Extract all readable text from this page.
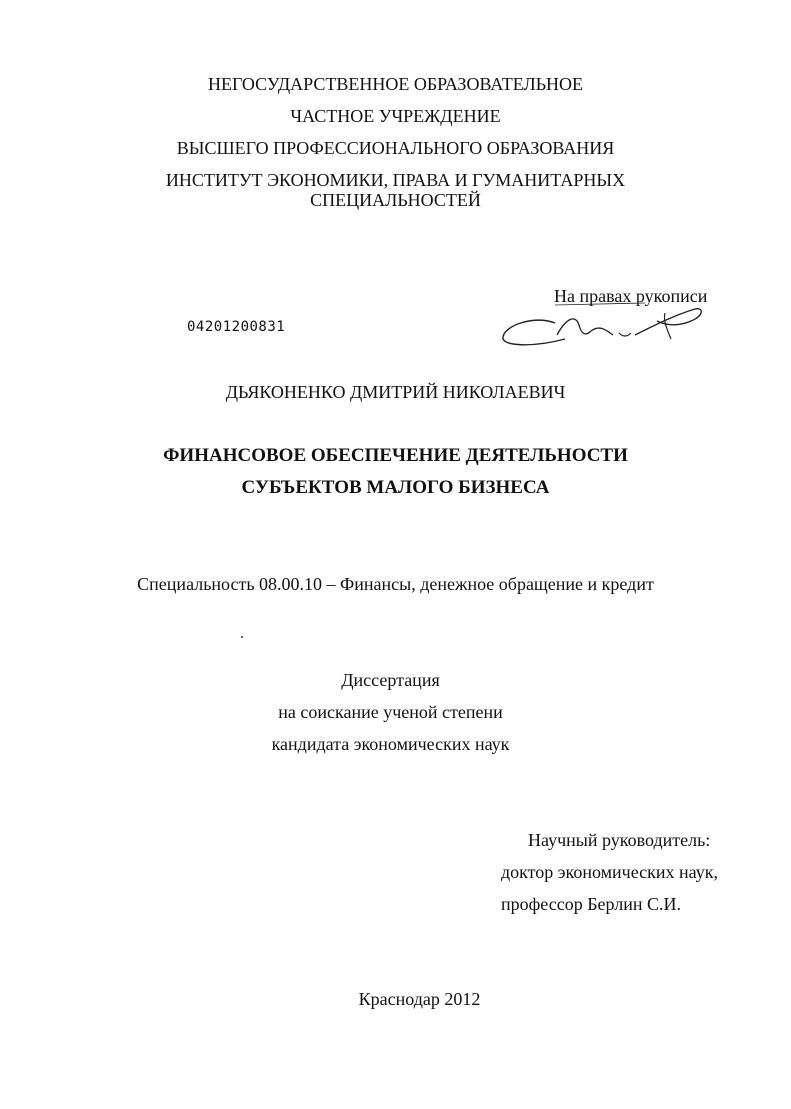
НЕГОСУДАРСТВЕННОЕ ОБРАЗОВАТЕЛЬНОЕ
ЧАСТНОЕ УЧРЕЖДЕНИЕ
ВЫСШЕГО ПРОФЕССИОНАЛЬНОГО ОБРАЗОВАНИЯ
ИНСТИТУТ ЭКОНОМИКИ, ПРАВА И ГУМАНИТАРНЫХ
СПЕЦИАЛЬНОСТЕЙ
На правах рукописи
04201200831
ДЬЯКОНЕНКО ДМИТРИЙ НИКОЛАЕВИЧ
ФИНАНСОВОЕ ОБЕСПЕЧЕНИЕ ДЕЯТЕЛЬНОСТИ
СУБЪЕКТОВ МАЛОГО БИЗНЕСА
Специальность 08.00.10 – Финансы, денежное обращение и кредит
Диссертация
на соискание ученой степени
кандидата экономических наук
Научный руководитель:
доктор экономических наук,
профессор Берлин С.И.
Краснодар 2012
